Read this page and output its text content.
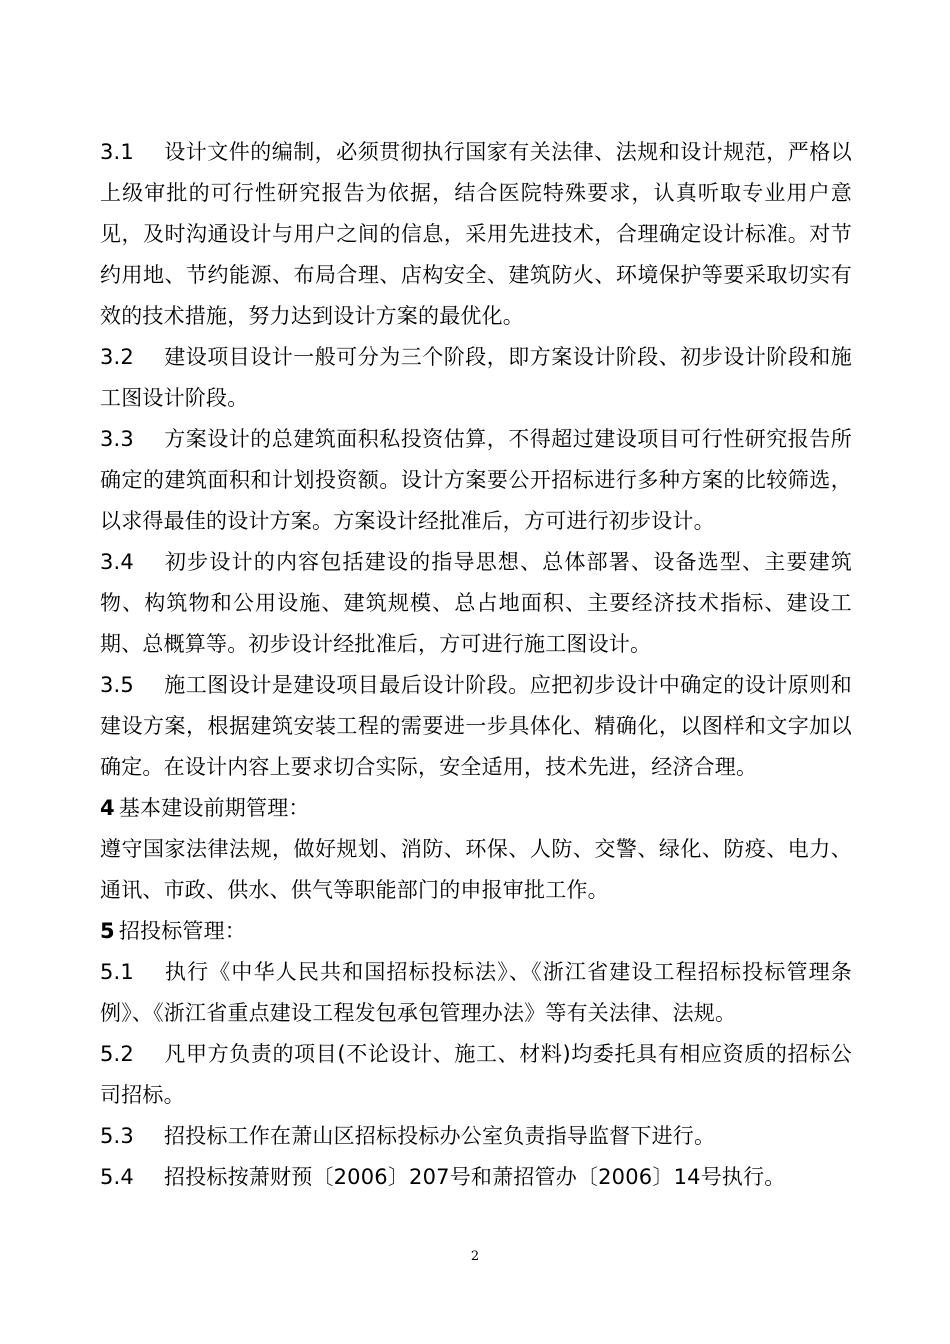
3.1 设计文件的编制，必须贯彻执行国家有关法律、法规和设计规范，严格以上级审批的可行性研究报告为依据，结合医院特殊要求，认真听取专业用户意见，及时沟通设计与用户之间的信息，采用先进技术，合理确定设计标准。对节约用地、节约能源、布局合理、店构安全、建筑防火、环境保护等要采取切实有效的技术措施，努力达到设计方案的最优化。

3.2 建设项目设计一般可分为三个阶段，即方案设计阶段、初步设计阶段和施工图设计阶段。

3.3 方案设计的总建筑面积私投资估算，不得超过建设项目可行性研究报告所确定的建筑面积和计划投资额。设计方案要公开招标进行多种方案的比较筛选，以求得最佳的设计方案。方案设计经批准后，方可进行初步设计。

3.4 初步设计的内容包括建设的指导思想、总体部署、设备选型、主要建筑物、构筑物和公用设施、建筑规模、总占地面积、主要经济技术指标、建设工期、总概算等。初步设计经批准后，方可进行施工图设计。

3.5 施工图设计是建设项目最后设计阶段。应把初步设计中确定的设计原则和建设方案，根据建筑安装工程的需要进一步具体化、精确化，以图样和文字加以确定。在设计内容上要求切合实际，安全适用，技术先进，经济合理。

4 基本建设前期管理：

遵守国家法律法规，做好规划、消防、环保、人防、交警、绿化、防疫、电力、通讯、市政、供水、供气等职能部门的申报审批工作。

5 招投标管理：

5.1 执行《中华人民共和国招标投标法》、《浙江省建设工程招标投标管理条例》、《浙江省重点建设工程发包承包管理办法》等有关法律、法规。

5.2 凡甲方负责的项目(不论设计、施工、材料)均委托具有相应资质的招标公司招标。

5.3 招投标工作在萧山区招标投标办公室负责指导监督下进行。

5.4 招投标按萧财预〔2006〕207号和萧招管办〔2006〕14号执行。

2
